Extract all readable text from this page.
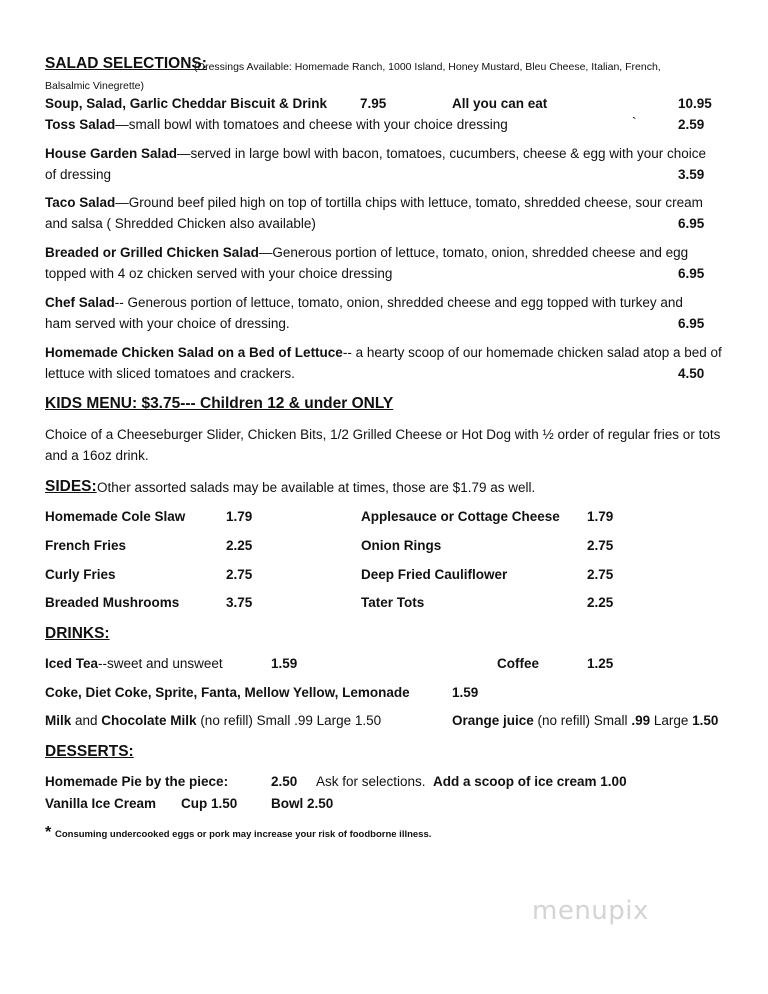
SALAD SELECTIONS:
(Dressings Available: Homemade Ranch, 1000 Island, Honey Mustard, Bleu Cheese, Italian, French,
Balsalmic Vinegrette)
Soup, Salad, Garlic Cheddar Biscuit & Drink 7.95	All you can eat	10.95
Toss Salad—small bowl with tomatoes and cheese with your choice dressing	`	2.59
House Garden Salad—served in large bowl with bacon, tomatoes, cucumbers, cheese & egg with your choice
of dressing	3.59
Taco Salad—Ground beef piled high on top of tortilla chips with lettuce, tomato, shredded cheese, sour cream
and salsa ( Shredded Chicken also available)	6.95
Breaded or Grilled Chicken Salad—Generous portion of lettuce, tomato, onion, shredded cheese and egg
topped with 4 oz chicken served with your choice dressing	6.95
Chef Salad-- Generous portion of lettuce, tomato, onion, shredded cheese and egg topped with turkey and
ham served with your choice of dressing.	6.95
Homemade Chicken Salad on a Bed of Lettuce-- a hearty scoop of our homemade chicken salad atop a bed of
lettuce with sliced tomatoes and crackers.	4.50
KIDS MENU: $3.75--- Children 12 & under ONLY
Choice of a Cheeseburger Slider, Chicken Bits, 1/2 Grilled Cheese or Hot Dog with ½ order of regular fries or tots
and a 16oz drink.
SIDES: Other assorted salads may be available at times, those are $1.79 as well.
Homemade Cole Slaw	1.79	Applesauce or Cottage Cheese 1.79
French Fries	2.25	Onion Rings	2.75
Curly Fries	2.75	Deep Fried Cauliflower	2.75
Breaded Mushrooms	3.75	Tater Tots	2.25
DRINKS:
Iced Tea--sweet and unsweet	1.59	Coffee	1.25
Coke, Diet Coke, Sprite, Fanta, Mellow Yellow, Lemonade	1.59
Milk and Chocolate Milk (no refill) Small .99 Large 1.50	Orange juice (no refill) Small .99 Large 1.50
DESSERTS:
Homemade Pie by the piece:	2.50 Ask for selections. Add a scoop of ice cream 1.00
Vanilla Ice Cream Cup 1.50 Bowl 2.50
* Consuming undercooked eggs or pork may increase your risk of foodborne illness.
menupix
